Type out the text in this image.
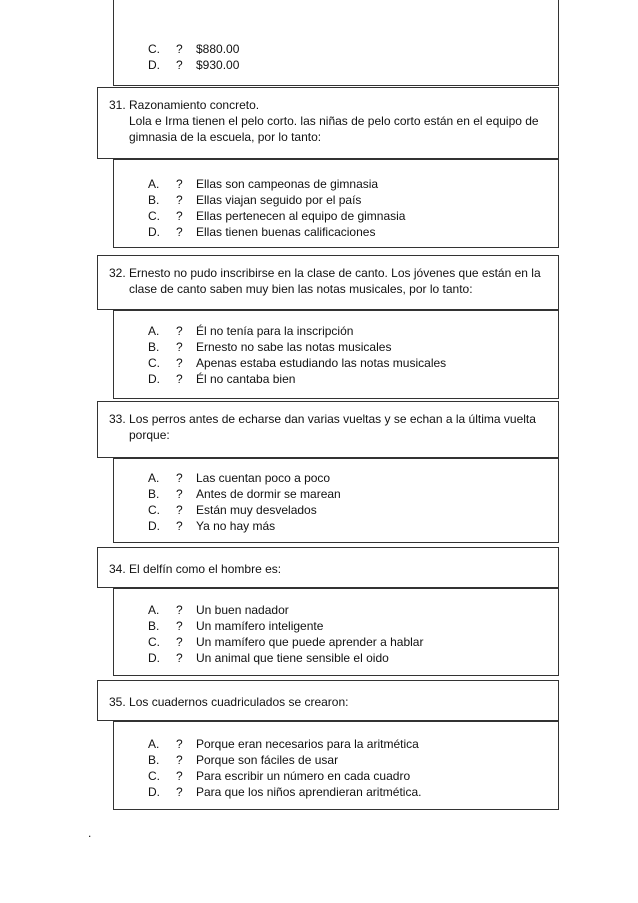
C.	?	$880.00
D.	?	$930.00
31. Razonamiento concreto.
Lola e Irma tienen el pelo corto. las niñas de pelo corto están en el equipo de
gimnasia de la escuela, por lo tanto:
A.	?	Ellas son campeonas de gimnasia
B.	?	Ellas viajan seguido por el país
C.	?	Ellas pertenecen al equipo de gimnasia
D.	?	Ellas tienen buenas calificaciones
32. Ernesto no pudo inscribirse en la clase de canto. Los jóvenes que están en la
clase de canto saben muy bien las notas musicales, por lo tanto:
A.	?	Él no tenía para la inscripción
B.	?	Ernesto no sabe las notas musicales
C.	?	Apenas estaba estudiando las notas musicales
D.	?	Él no cantaba bien
33. Los perros antes de echarse dan varias vueltas y se echan a la última vuelta
porque:
A.	?	Las cuentan poco a poco
B.	?	Antes de dormir se marean
C.	?	Están muy desvelados
D.	?	Ya no hay más
34. El delfín como el hombre es:
A.	?	Un buen nadador
B.	?	Un mamífero inteligente
C.	?	Un mamífero que puede aprender a hablar
D.	?	Un animal que tiene sensible el oido
35. Los cuadernos cuadriculados se crearon:
A.	?	Porque eran necesarios para la aritmética
B.	?	Porque son fáciles de usar
C.	?	Para escribir un número en cada cuadro
D.	?	Para que los niños aprendieran aritmética.
.
